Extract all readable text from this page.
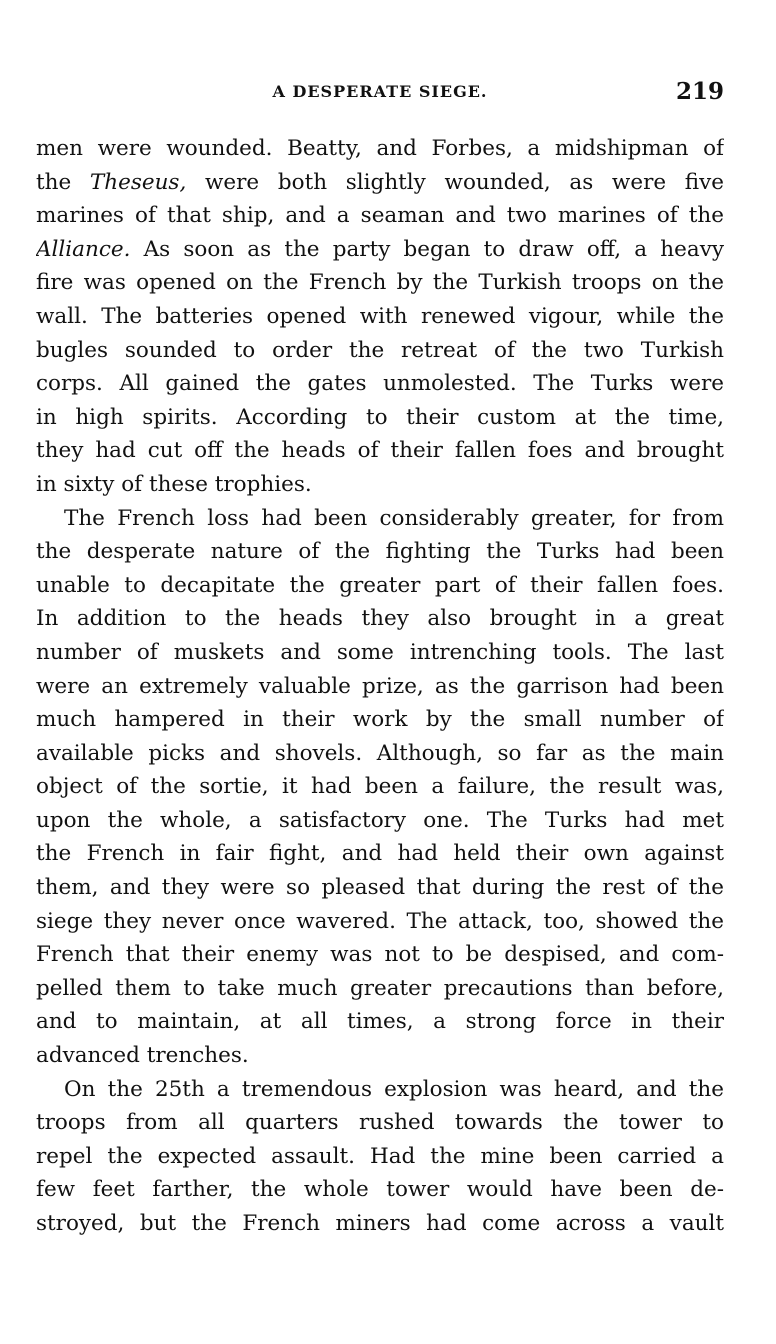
A DESPERATE SIEGE.	219
men were wounded. Beatty, and Forbes, a midshipman of
the Theseus, were both slightly wounded, as were five
marines of that ship, and a seaman and two marines of the
Alliance. As soon as the party began to draw off, a heavy
fire was opened on the French by the Turkish troops on the
wall. The batteries opened with renewed vigour, while the
bugles sounded to order the retreat of the two Turkish
corps. All gained the gates unmolested. The Turks were
in high spirits. According to their custom at the time,
they had cut off the heads of their fallen foes and brought
in sixty of these trophies.
The French loss had been considerably greater, for from
the desperate nature of the fighting the Turks had been
unable to decapitate the greater part of their fallen foes.
In addition to the heads they also brought in a great
number of muskets and some intrenching tools. The last
were an extremely valuable prize, as the garrison had been
much hampered in their work by the small number of
available picks and shovels. Although, so far as the main
object of the sortie, it had been a failure, the result was,
upon the whole, a satisfactory one. The Turks had met
the French in fair fight, and had held their own against
them, and they were so pleased that during the rest of the
siege they never once wavered. The attack, too, showed the
French that their enemy was not to be despised, and com-
pelled them to take much greater precautions than before,
and to maintain, at all times, a strong force in their
advanced trenches.
On the 25th a tremendous explosion was heard, and the
troops from all quarters rushed towards the tower to
repel the expected assault. Had the mine been carried a
few feet farther, the whole tower would have been de-
stroyed, but the French miners had come across a vault
